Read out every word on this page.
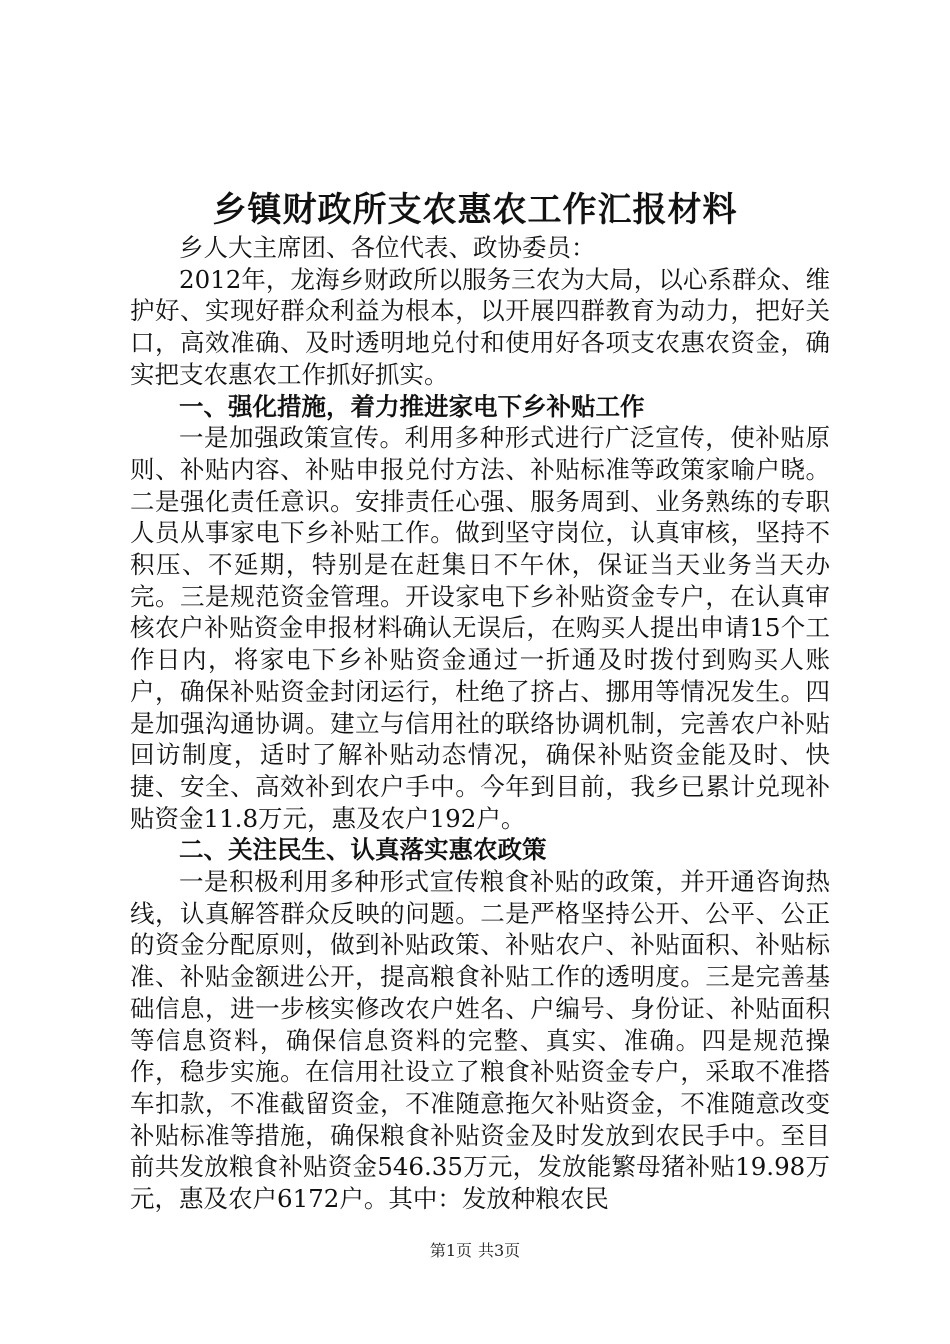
乡镇财政所支农惠农工作汇报材料

乡人大主席团、各位代表、政协委员：

2012年，龙海乡财政所以服务三农为大局，以心系群众、维护好、实现好群众利益为根本，以开展四群教育为动力，把好关口，高效准确、及时透明地兑付和使用好各项支农惠农资金，确实把支农惠农工作抓好抓实。

一、强化措施，着力推进家电下乡补贴工作

一是加强政策宣传。利用多种形式进行广泛宣传，使补贴原则、补贴内容、补贴申报兑付方法、补贴标准等政策家喻户晓。二是强化责任意识。安排责任心强、服务周到、业务熟练的专职人员从事家电下乡补贴工作。做到坚守岗位，认真审核，坚持不积压、不延期，特别是在赶集日不午休，保证当天业务当天办完。三是规范资金管理。开设家电下乡补贴资金专户，在认真审核农户补贴资金申报材料确认无误后，在购买人提出申请15个工作日内，将家电下乡补贴资金通过一折通及时拨付到购买人账户，确保补贴资金封闭运行，杜绝了挤占、挪用等情况发生。四是加强沟通协调。建立与信用社的联络协调机制，完善农户补贴回访制度，适时了解补贴动态情况，确保补贴资金能及时、快捷、安全、高效补到农户手中。今年到目前，我乡已累计兑现补贴资金11.8万元，惠及农户192户。

二、关注民生、认真落实惠农政策

一是积极利用多种形式宣传粮食补贴的政策，并开通咨询热线，认真解答群众反映的问题。二是严格坚持公开、公平、公正的资金分配原则，做到补贴政策、补贴农户、补贴面积、补贴标准、补贴金额进公开，提高粮食补贴工作的透明度。三是完善基础信息，进一步核实修改农户姓名、户编号、身份证、补贴面积等信息资料，确保信息资料的完整、真实、准确。四是规范操作，稳步实施。在信用社设立了粮食补贴资金专户，采取不准搭车扣款，不准截留资金，不准随意拖欠补贴资金，不准随意改变补贴标准等措施，确保粮食补贴资金及时发放到农民手中。至目前共发放粮食补贴资金546.35万元，发放能繁母猪补贴19.98万元，惠及农户6172户。其中：发放种粮农民

第1页 共3页
